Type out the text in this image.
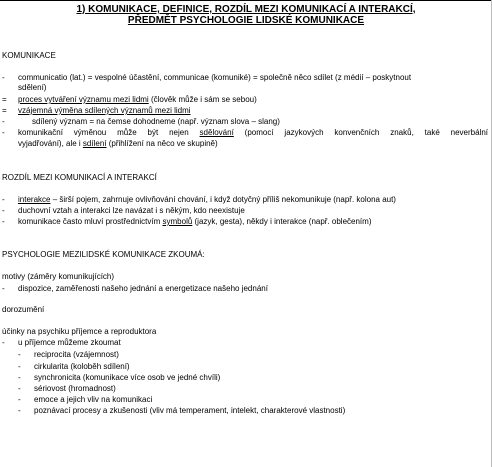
1) KOMUNIKACE, DEFINICE, ROZDÍL MEZI KOMUNIKACÍ A INTERAKCÍ,
PŘEDMĚT PSYCHOLOGIE LIDSKÉ KOMUNIKACE
KOMUNIKACE
- communicatio (lat.) = vespolné účastění, communicae (komuniké) = společně něco sdílet (z médií – poskytnout
sdělení)
= proces vytváření významu mezi lidmi (člověk může i sám se sebou)
= vzájemná výměna sdílených významů mezi lidmi
-	sdílený význam = na čemse dohodneme (např. význam slova – slang)
- komunikační výměnou může být nejen sdělování (pomocí jazykových konvenčních znaků, také neverbální
vyjadřování), ale i sdílení (přihlížení na něco ve skupině)
ROZDÍL MEZI KOMUNIKACÍ A INTERAKCÍ
- interakce – širší pojem, zahrnuje ovlivňování chování, i když dotyčný příliš nekomunikuje (např. kolona aut)
- duchovní vztah a interakci lze navázat i s někým, kdo neexistuje
- komunikace často mluví prostřednictvím symbolů (jazyk, gesta), někdy i interakce (např. oblečením)
PSYCHOLOGIE MEZILIDSKÉ KOMUNIKACE ZKOUMÁ:
motivy (záměry komunikujících)
- dispozice, zaměřenosti našeho jednání a energetizace našeho jednání
dorozumění
účinky na psychiku příjemce a reproduktora
- u příjemce můžeme zkoumat
- reciprocita (vzájemnost)
- cirkularita (koloběh sdílení)
- synchronicita (komunikace více osob ve jedné chvíli)
- sériovost (hromadnost)
- emoce a jejich vliv na komunikaci
- poznávací procesy a zkušenosti (vliv má temperament, intelekt, charakterové vlastnosti)
